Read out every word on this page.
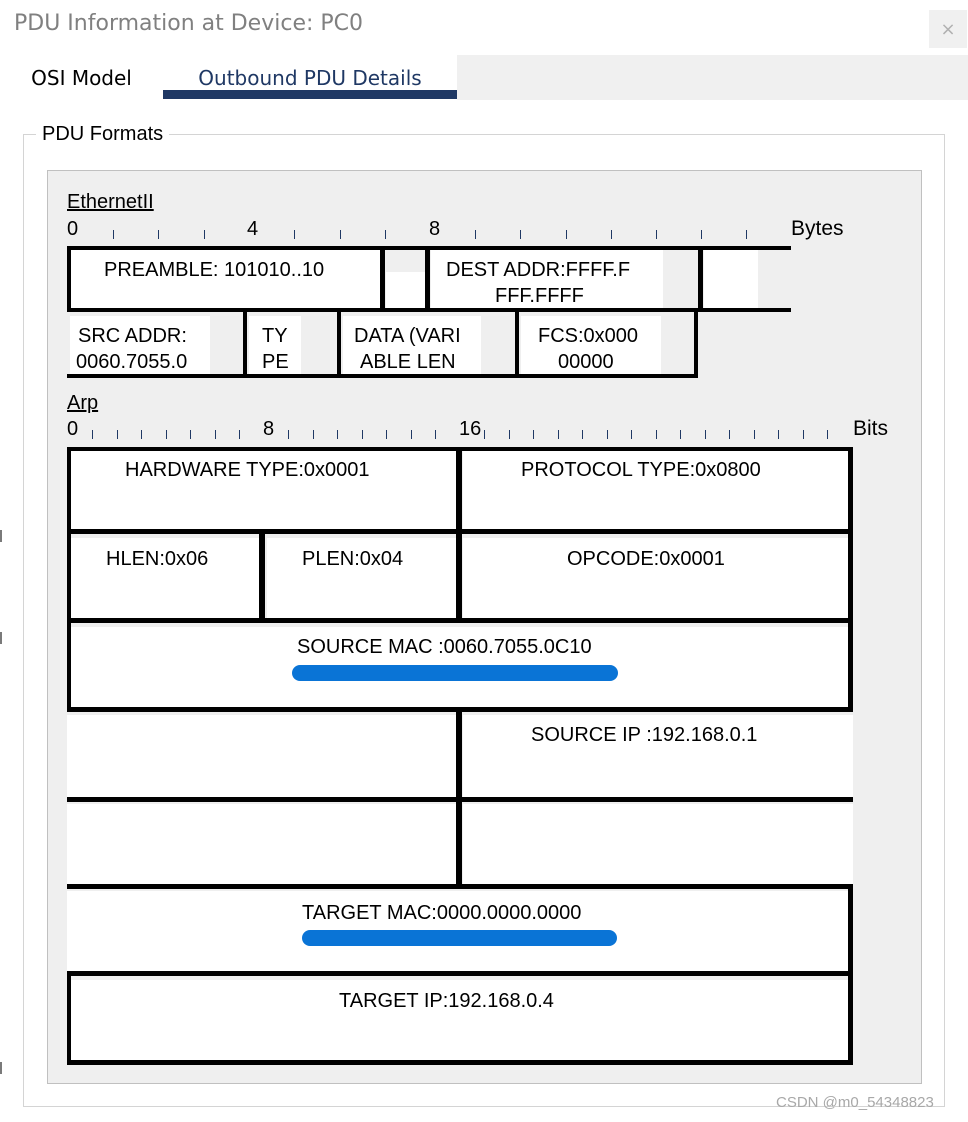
PDU Information at Device: PC0	×
OSI Model	Outbound PDU Details
PDU Formats
EthernetII
0	4	8	Bytes
PREAMBLE: 101010..10	DEST ADDR:FFFF.F
FFF.FFFF
SRC ADDR:
0060.7055.0
TY
PE
DATA (VARI
ABLE LEN
FCS:0x000
00000
Arp
0	8	16	Bits
HARDWARE TYPE:0x0001	PROTOCOL TYPE:0x0800
HLEN:0x06	PLEN:0x04	OPCODE:0x0001
SOURCE MAC :0060.7055.0C10
SOURCE IP :192.168.0.1
TARGET MAC:0000.0000.0000
TARGET IP:192.168.0.4
CSDN @m0_54348823
